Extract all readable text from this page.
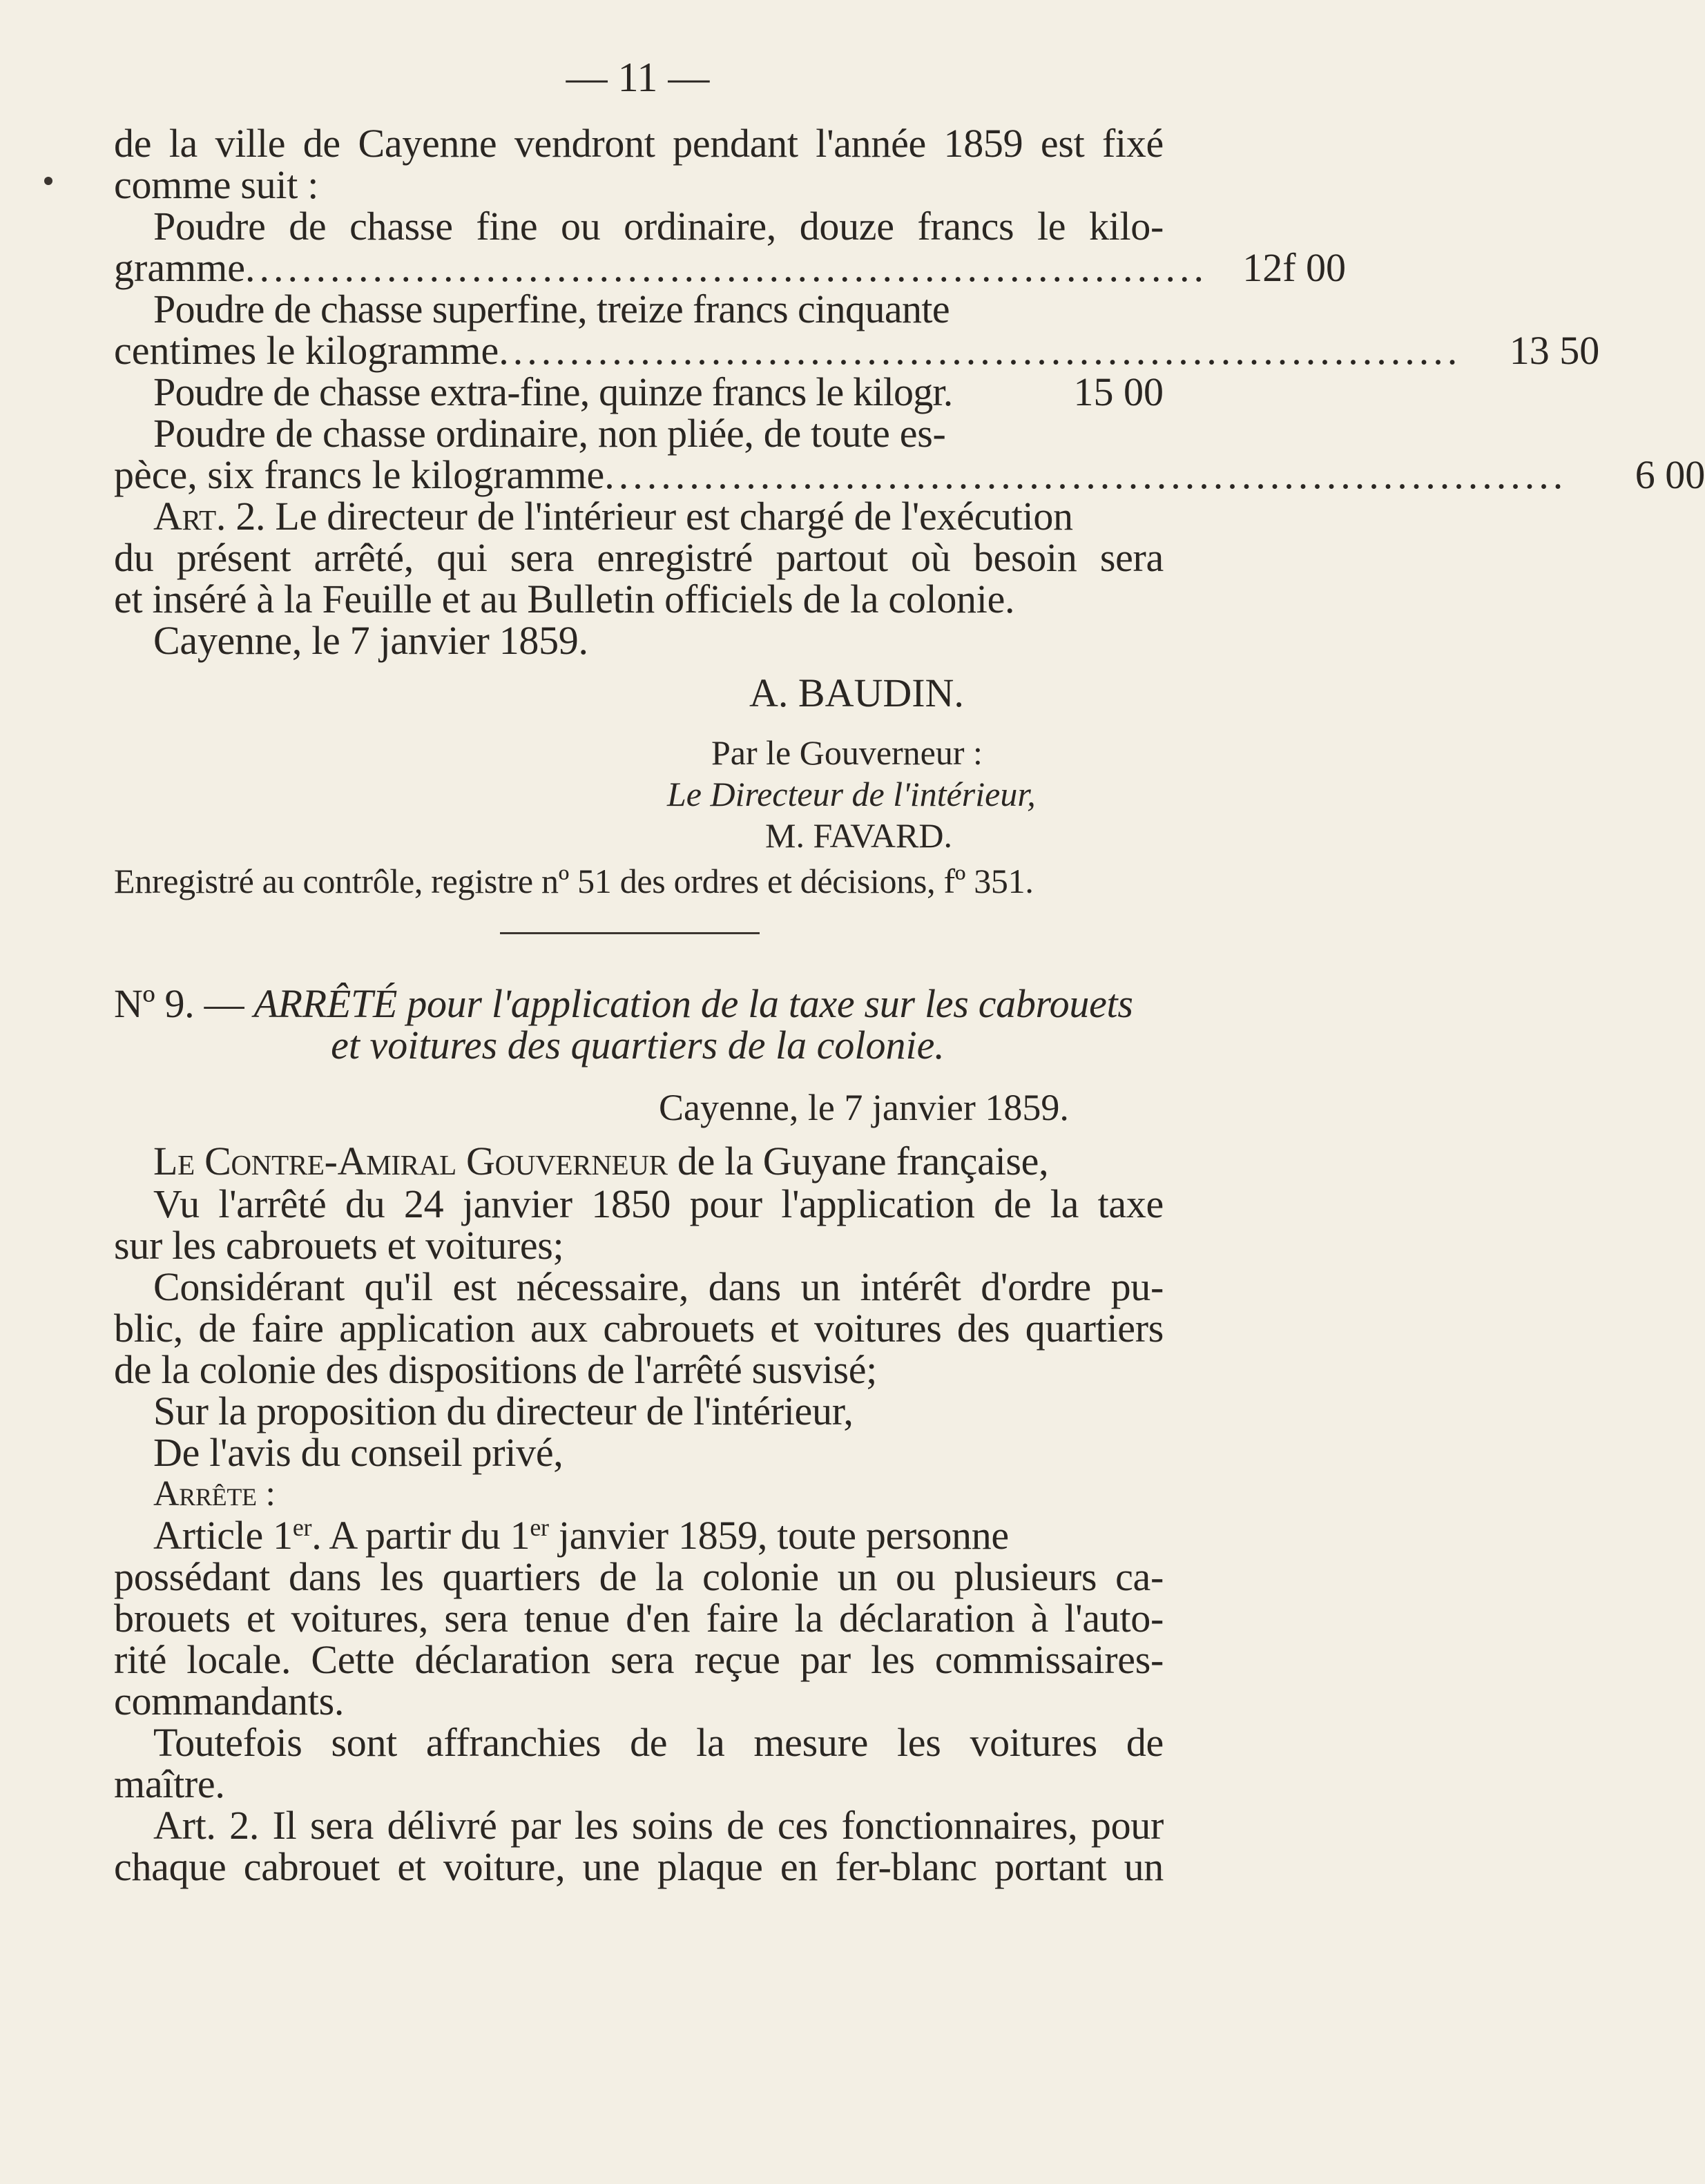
— 11 —
de la ville de Cayenne vendront pendant l'année 1859 est fixé
comme suit :
Poudre de chasse fine ou ordinaire, douze francs le kilo-
gramme .................................................................... 12f 00
Poudre de chasse superfine, treize francs cinquante
centimes le kilogramme ....................................................................	13 50
Poudre de chasse extra-fine, quinze francs le kilogr.	15 00
Poudre de chasse ordinaire, non pliée, de toute es-
pèce, six francs le kilogramme ....................................................................	6 00
Art. 2. Le directeur de l'intérieur est chargé de l'exécution
du présent arrêté, qui sera enregistré partout où besoin sera
et inséré à la Feuille et au Bulletin officiels de la colonie.
Cayenne, le 7 janvier 1859.
A. BAUDIN.
Par le Gouverneur :
Le Directeur de l'intérieur,
M. FAVARD.
Enregistré au contrôle, registre nº 51 des ordres et décisions, fº 351.
Nº 9. — ARRÊTÉ pour l'application de la taxe sur les cabrouets
et voitures des quartiers de la colonie.
Cayenne, le 7 janvier 1859.
Le Contre-Amiral Gouverneur de la Guyane française,
Vu l'arrêté du 24 janvier 1850 pour l'application de la taxe
sur les cabrouets et voitures;
Considérant qu'il est nécessaire, dans un intérêt d'ordre pu-
blic, de faire application aux cabrouets et voitures des quartiers
de la colonie des dispositions de l'arrêté susvisé;
Sur la proposition du directeur de l'intérieur,
De l'avis du conseil privé,
Arrête :
Article 1er. A partir du 1er janvier 1859, toute personne
possédant dans les quartiers de la colonie un ou plusieurs ca-
brouets et voitures, sera tenue d'en faire la déclaration à l'auto-
rité locale. Cette déclaration sera reçue par les commissaires-
commandants.
Toutefois sont affranchies de la mesure les voitures de
maître.
Art. 2. Il sera délivré par les soins de ces fonctionnaires, pour
chaque cabrouet et voiture, une plaque en fer-blanc portant un
